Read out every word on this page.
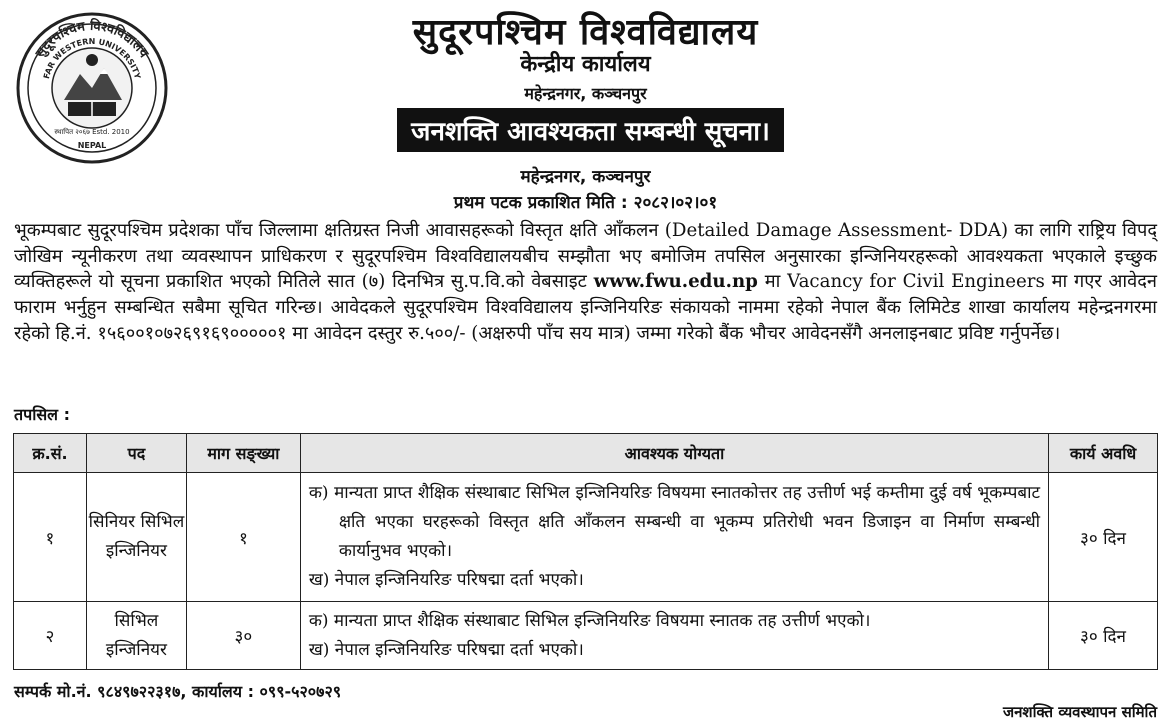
सुदूरपश्चिम विश्वविद्यालय
FAR WESTERN UNIVERSITY
स्थापित २०६७ Estd. 2010
NEPAL
सुदूरपश्चिम विश्वविद्यालय
केन्द्रीय कार्यालय
महेन्द्रनगर, कञ्चनपुर
जनशक्ति आवश्यकता सम्बन्धी सूचना।
महेन्द्रनगर, कञ्चनपुर
प्रथम पटक प्रकाशित मिति : २०८२।०२।०१
भूकम्पबाट सुदूरपश्चिम प्रदेशका पाँच जिल्लामा क्षतिग्रस्त निजी आवासहरूको विस्तृत क्षति आँकलन (Detailed Damage Assessment- DDA) का लागि राष्ट्रिय विपद् जोखिम न्यूनीकरण तथा व्यवस्थापन प्राधिकरण र सुदूरपश्चिम विश्वविद्यालयबीच सम्झौता भए बमोजिम तपसिल अनुसारका इन्जिनियरहरूको आवश्यकता भएकाले इच्छुक व्यक्तिहरूले यो सूचना प्रकाशित भएको मितिले सात (७) दिनभित्र सु.प.वि.को वेबसाइट www.fwu.edu.np मा Vacancy for Civil Engineers मा गएर आवेदन फाराम भर्नुहुन सम्बन्धित सबैमा सूचित गरिन्छ। आवेदकले सुदूरपश्चिम विश्वविद्यालय इन्जिनियरिङ संकायको नाममा रहेको नेपाल बैंक लिमिटेड शाखा कार्यालय महेन्द्रनगरमा रहेको हि.नं. १५६००१०७२६९१६९०००००१ मा आवेदन दस्तुर रु.५००/- (अक्षरुपी पाँच सय मात्र) जम्मा गरेको बैंक भौचर आवेदनसँगै अनलाइनबाट प्रविष्ट गर्नुपर्नेछ।
तपसिल :
क्र.सं.	पद	माग सङ्ख्या	आवश्यक योग्यता	कार्य अवधि
१	सिनियर सिभिल इन्जिनियर	१	क) मान्यता प्राप्त शैक्षिक संस्थाबाट सिभिल इन्जिनियरिङ विषयमा स्नातकोत्तर तह उत्तीर्ण भई कम्तीमा दुई वर्ष भूकम्पबाट क्षति भएका घरहरूको विस्तृत क्षति आँकलन सम्बन्धी वा भूकम्प प्रतिरोधी भवन डिजाइन वा निर्माण सम्बन्धी कार्यानुभव भएको।
ख) नेपाल इन्जिनियरिङ परिषद्मा दर्ता भएको।	३० दिन
२	सिभिल इन्जिनियर	३०	क) मान्यता प्राप्त शैक्षिक संस्थाबाट सिभिल इन्जिनियरिङ विषयमा स्नातक तह उत्तीर्ण भएको।
ख) नेपाल इन्जिनियरिङ परिषद्मा दर्ता भएको।	३० दिन
सम्पर्क मो.नं. ९८४९७२२३१७, कार्यालय : ०९९-५२०७२९
जनशक्ति व्यवस्थापन समिति
